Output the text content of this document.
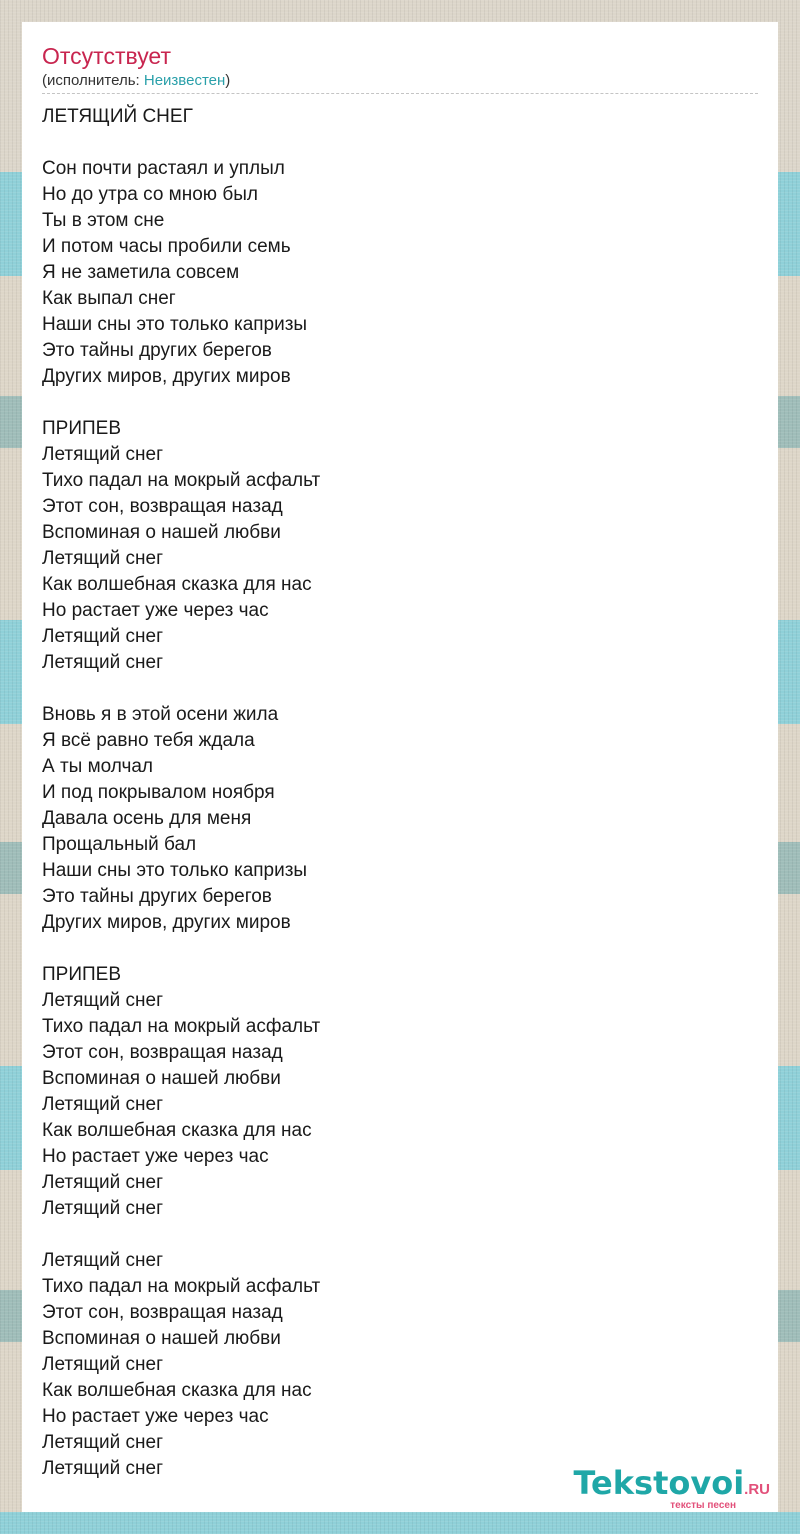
Отсутствует
(исполнитель: Неизвестен)
ЛЕТЯЩИЙ СНЕГ
Сон почти растаял и уплыл
Но до утра со мною был
Ты в этом сне
И потом часы пробили семь
Я не заметила совсем
Как выпал снег
Наши сны это только капризы
Это тайны других берегов
Других миров, других миров
ПРИПЕВ
Летящий снег
Тихо падал на мокрый асфальт
Этот сон, возвращая назад
Вспоминая о нашей любви
Летящий снег
Как волшебная сказка для нас
Но растает уже через час
Летящий снег
Летящий снег
Вновь я в этой осени жила
Я всё равно тебя ждала
А ты молчал
И под покрывалом ноября
Давала осень для меня
Прощальный бал
Наши сны это только капризы
Это тайны других берегов
Других миров, других миров
ПРИПЕВ
Летящий снег
Тихо падал на мокрый асфальт
Этот сон, возвращая назад
Вспоминая о нашей любви
Летящий снег
Как волшебная сказка для нас
Но растает уже через час
Летящий снег
Летящий снег
Летящий снег
Тихо падал на мокрый асфальт
Этот сон, возвращая назад
Вспоминая о нашей любви
Летящий снег
Как волшебная сказка для нас
Но растает уже через час
Летящий снег
Летящий снег	Tekstovoi.RU
тексты песен
